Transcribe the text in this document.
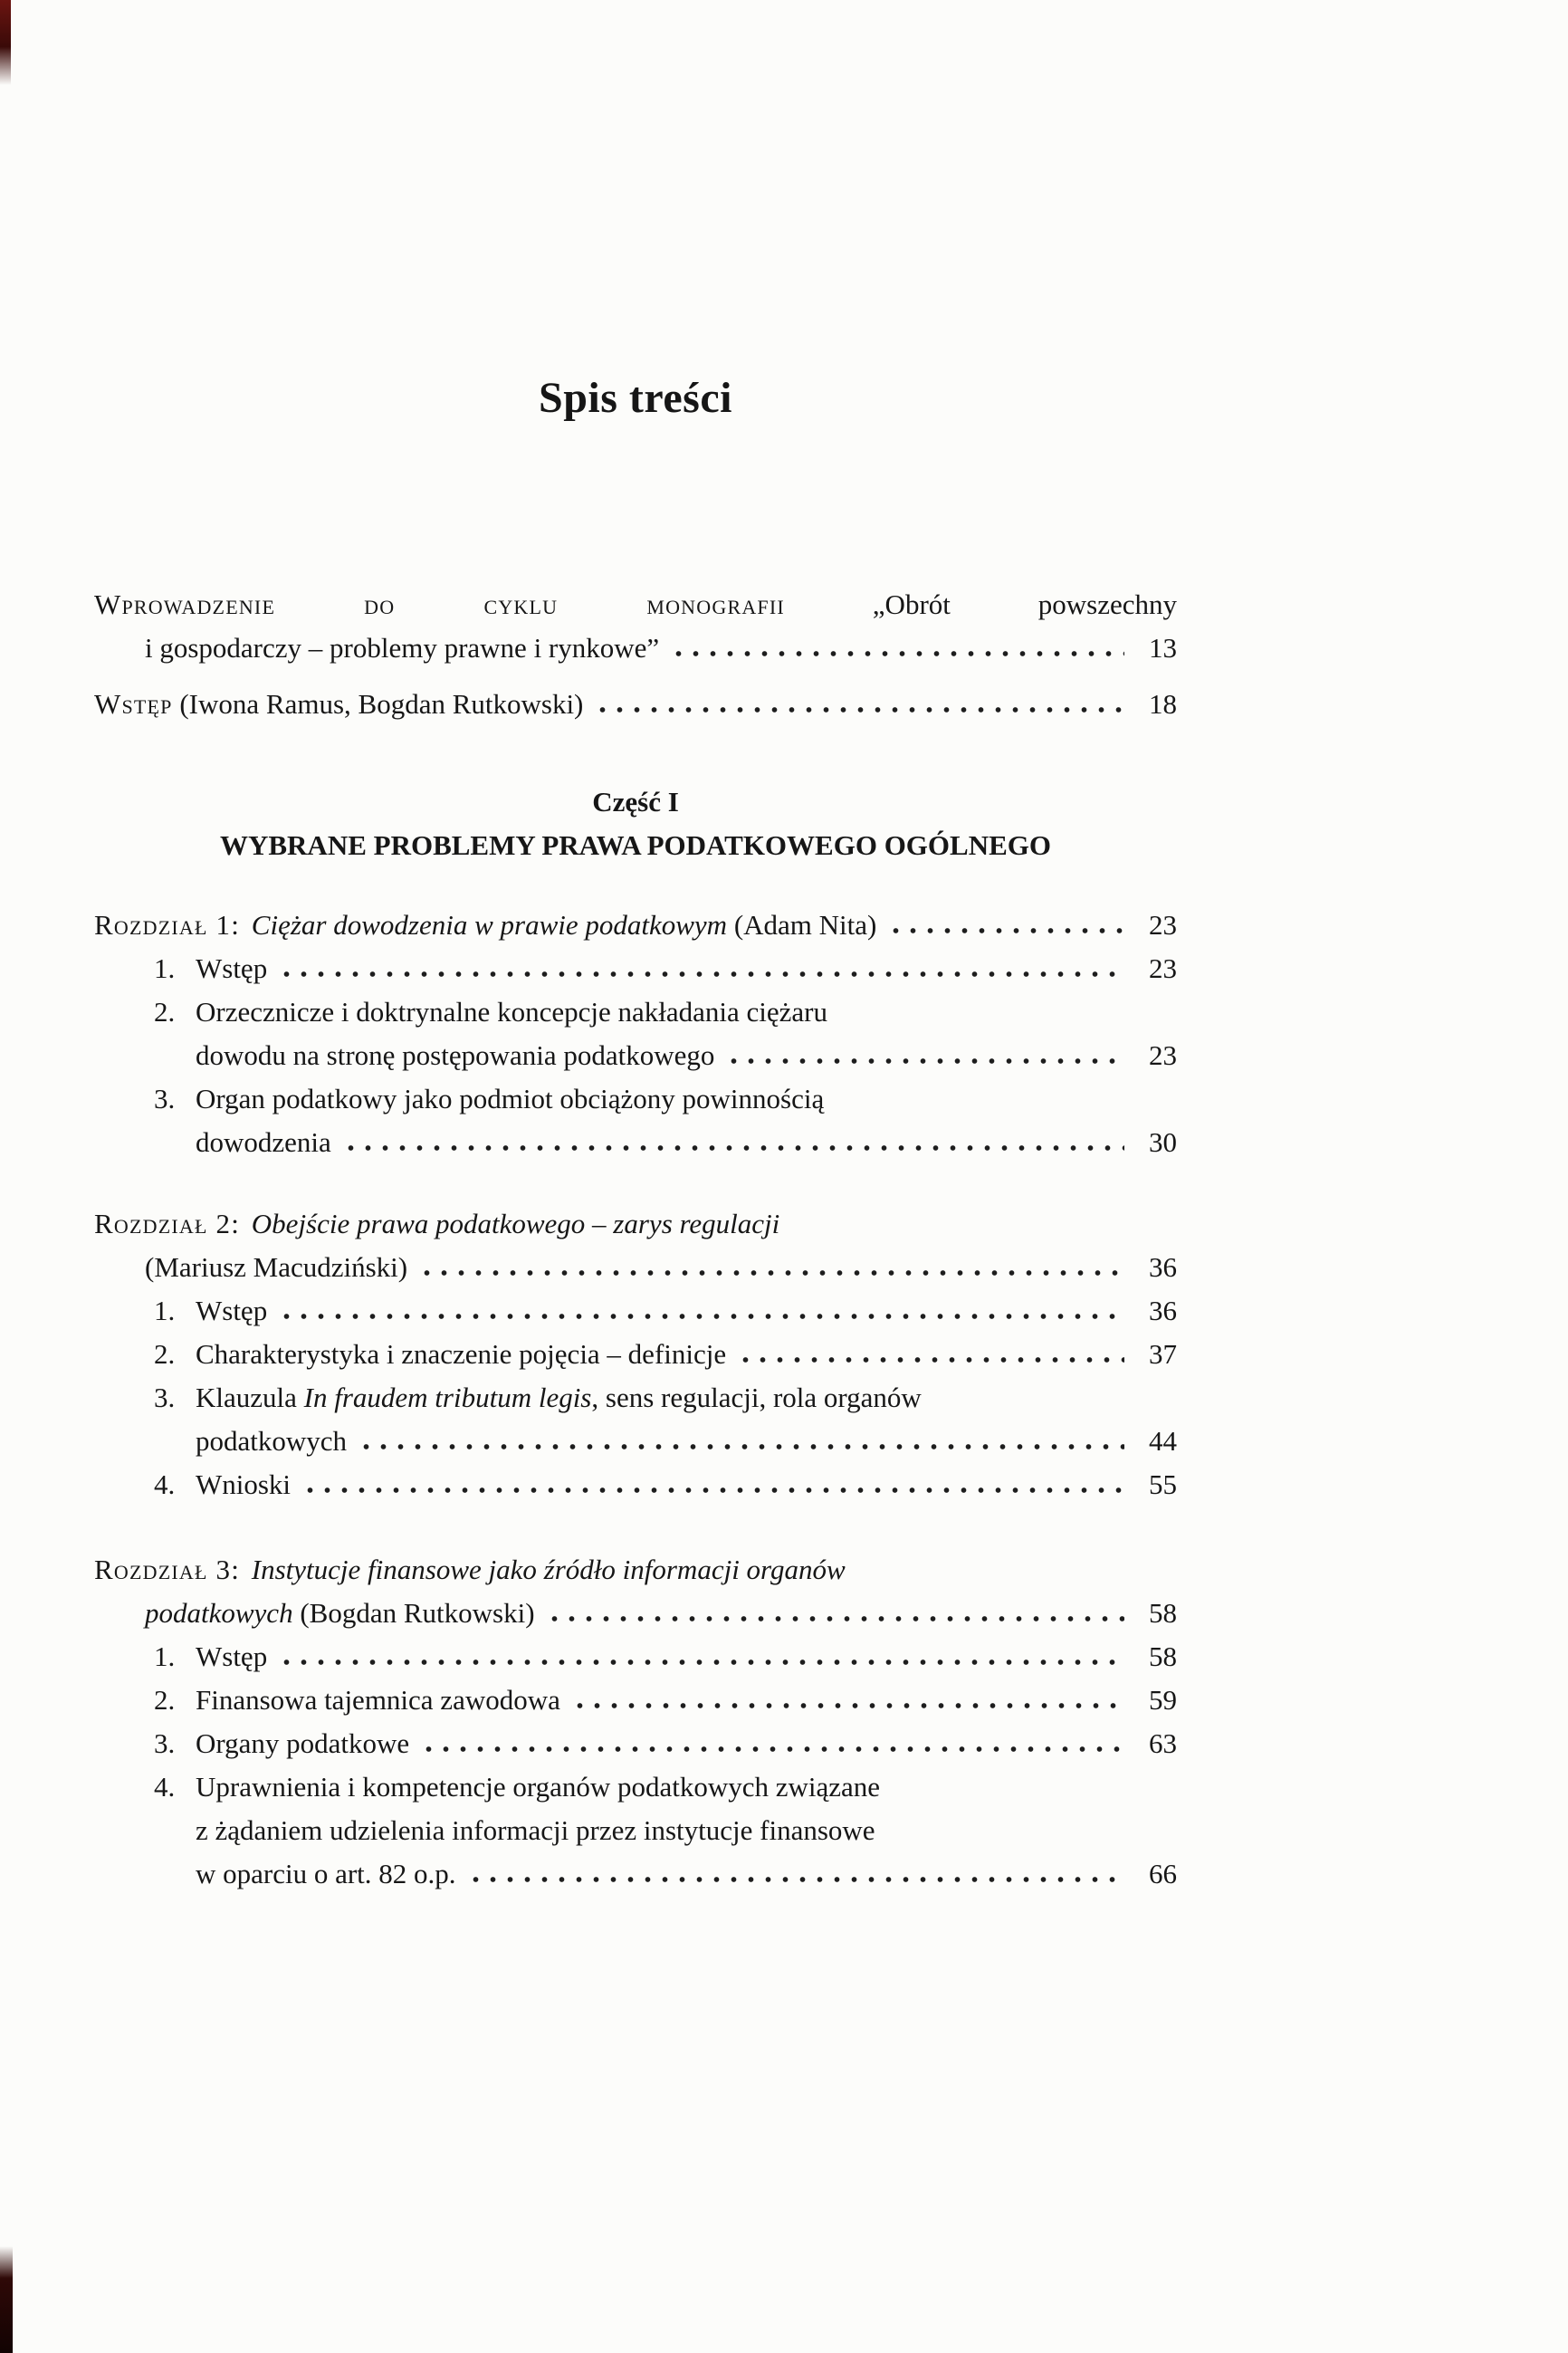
Spis treści
Wprowadzenie do cyklu monografii	„Obrót powszechny
i gospodarczy – problemy prawne i rynkowe”	13
Wstęp (Iwona Ramus, Bogdan Rutkowski)	18
Część I
WYBRANE PROBLEMY PRAWA PODATKOWEGO OGÓLNEGO
Rozdział 1: Ciężar dowodzenia w prawie podatkowym (Adam Nita)	23
1. Wstęp	23
2. Orzecznicze i doktrynalne koncepcje nakładania ciężaru
dowodu na stronę postępowania podatkowego	23
3. Organ podatkowy jako podmiot obciążony powinnością
dowodzenia	30
Rozdział 2: Obejście prawa podatkowego – zarys regulacji
(Mariusz Macudziński)	36
1. Wstęp	36
2. Charakterystyka i znaczenie pojęcia – definicje	37
3. Klauzula In fraudem tributum legis, sens regulacji, rola organów
podatkowych	44
4. Wnioski	55
Rozdział 3: Instytucje finansowe jako źródło informacji organów
podatkowych (Bogdan Rutkowski)	58
1. Wstęp	58
2. Finansowa tajemnica zawodowa	59
3. Organy podatkowe	63
4. Uprawnienia i kompetencje organów podatkowych związane
z żądaniem udzielenia informacji przez instytucje finansowe
w oparciu o art. 82 o.p.	66
